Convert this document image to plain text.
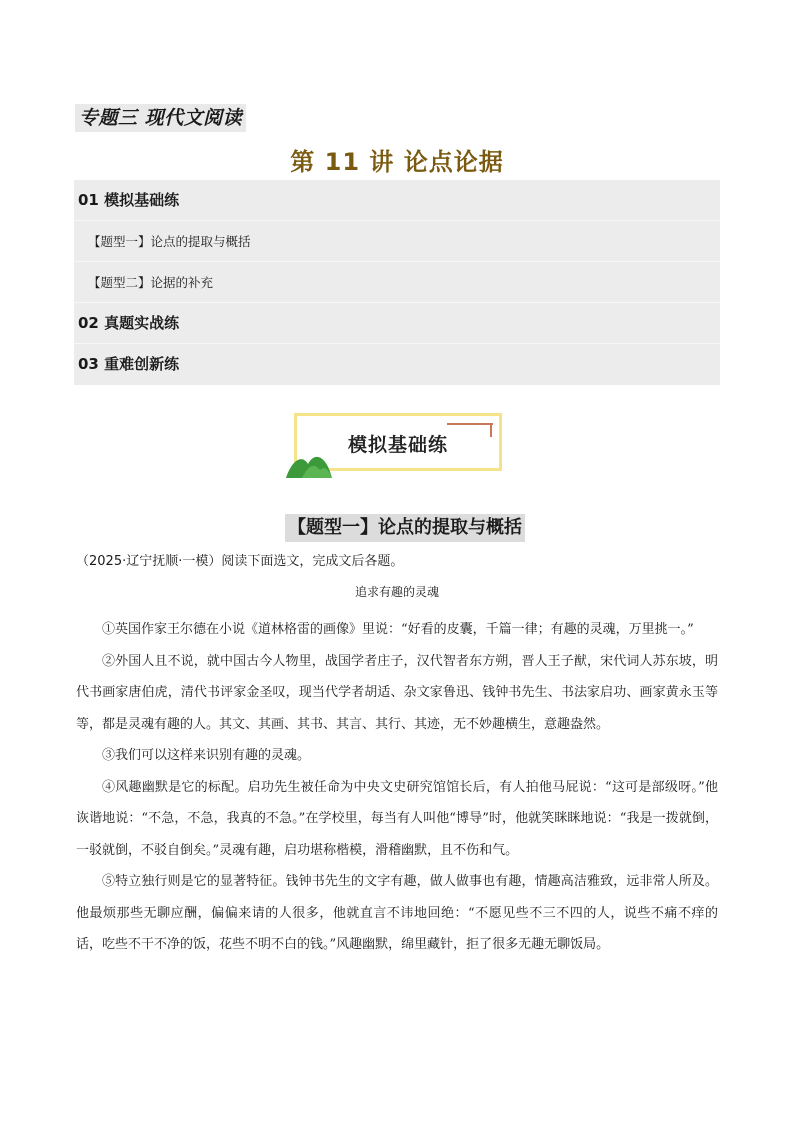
专题三 现代文阅读
第 11 讲 论点论据
01 模拟基础练
【题型一】论点的提取与概括
【题型二】论据的补充
02 真题实战练
03 重难创新练
模拟基础练
【题型一】论点的提取与概括
（2025·辽宁抚顺·一模）阅读下面选文，完成文后各题。
追求有趣的灵魂

①英国作家王尔德在小说《道林格雷的画像》里说：“好看的皮囊，千篇一律；有趣的灵魂，万里挑一。”

②外国人且不说，就中国古今人物里，战国学者庄子，汉代智者东方朔，晋人王子猷，宋代词人苏东坡，明代书画家唐伯虎，清代书评家金圣叹，现当代学者胡适、杂文家鲁迅、钱钟书先生、书法家启功、画家黄永玉等等，都是灵魂有趣的人。其文、其画、其书、其言、其行、其迹，无不妙趣横生，意趣盎然。

③我们可以这样来识别有趣的灵魂。

④风趣幽默是它的标配。启功先生被任命为中央文史研究馆馆长后，有人拍他马屁说：“这可是部级呀。”他诙谐地说：“不急，不急，我真的不急。”在学校里，每当有人叫他“博导”时，他就笑眯眯地说：“我是一拨就倒，一驳就倒，不驳自倒矣。”灵魂有趣，启功堪称楷模，滑稽幽默，且不伤和气。

⑤特立独行则是它的显著特征。钱钟书先生的文字有趣，做人做事也有趣，情趣高洁雅致，远非常人所及。他最烦那些无聊应酬，偏偏来请的人很多，他就直言不讳地回绝：“不愿见些不三不四的人，说些不痛不痒的话，吃些不干不净的饭，花些不明不白的钱。”风趣幽默，绵里藏针，拒了很多无趣无聊饭局。
